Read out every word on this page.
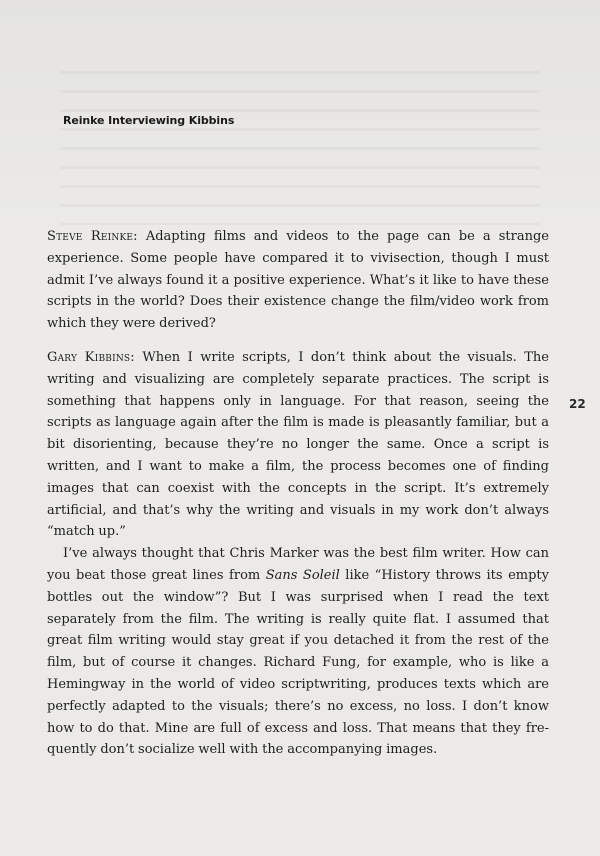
Reinke Interviewing Kibbins
22

Steve Reinke: Adapting films and videos to the page can be a strange experience. Some people have compared it to vivisection, though I must admit I’ve always found it a positive experience. What’s it like to have these scripts in the world? Does their existence change the film/video work from which they were derived?

Gary Kibbins: When I write scripts, I don’t think about the visuals. The writing and visualizing are completely separate practices. The script is something that happens only in language. For that reason, seeing the scripts as language again after the film is made is pleasantly familiar, but a bit disorienting, because they’re no longer the same. Once a script is written, and I want to make a film, the process becomes one of finding images that can coexist with the concepts in the script. It’s extremely artificial, and that’s why the writing and visuals in my work don’t always “match up.”

I’ve always thought that Chris Marker was the best film writer. How can you beat those great lines from Sans Soleil like “History throws its empty bottles out the window”? But I was surprised when I read the text separately from the film. The writing is really quite flat. I assumed that great film writing would stay great if you detached it from the rest of the film, but of course it changes. Richard Fung, for example, who is like a Hemingway in the world of video scriptwriting, produces texts which are perfectly adapted to the visuals; there’s no excess, no loss. I don’t know how to do that. Mine are full of excess and loss. That means that they fre-quently don’t socialize well with the accompanying images.
